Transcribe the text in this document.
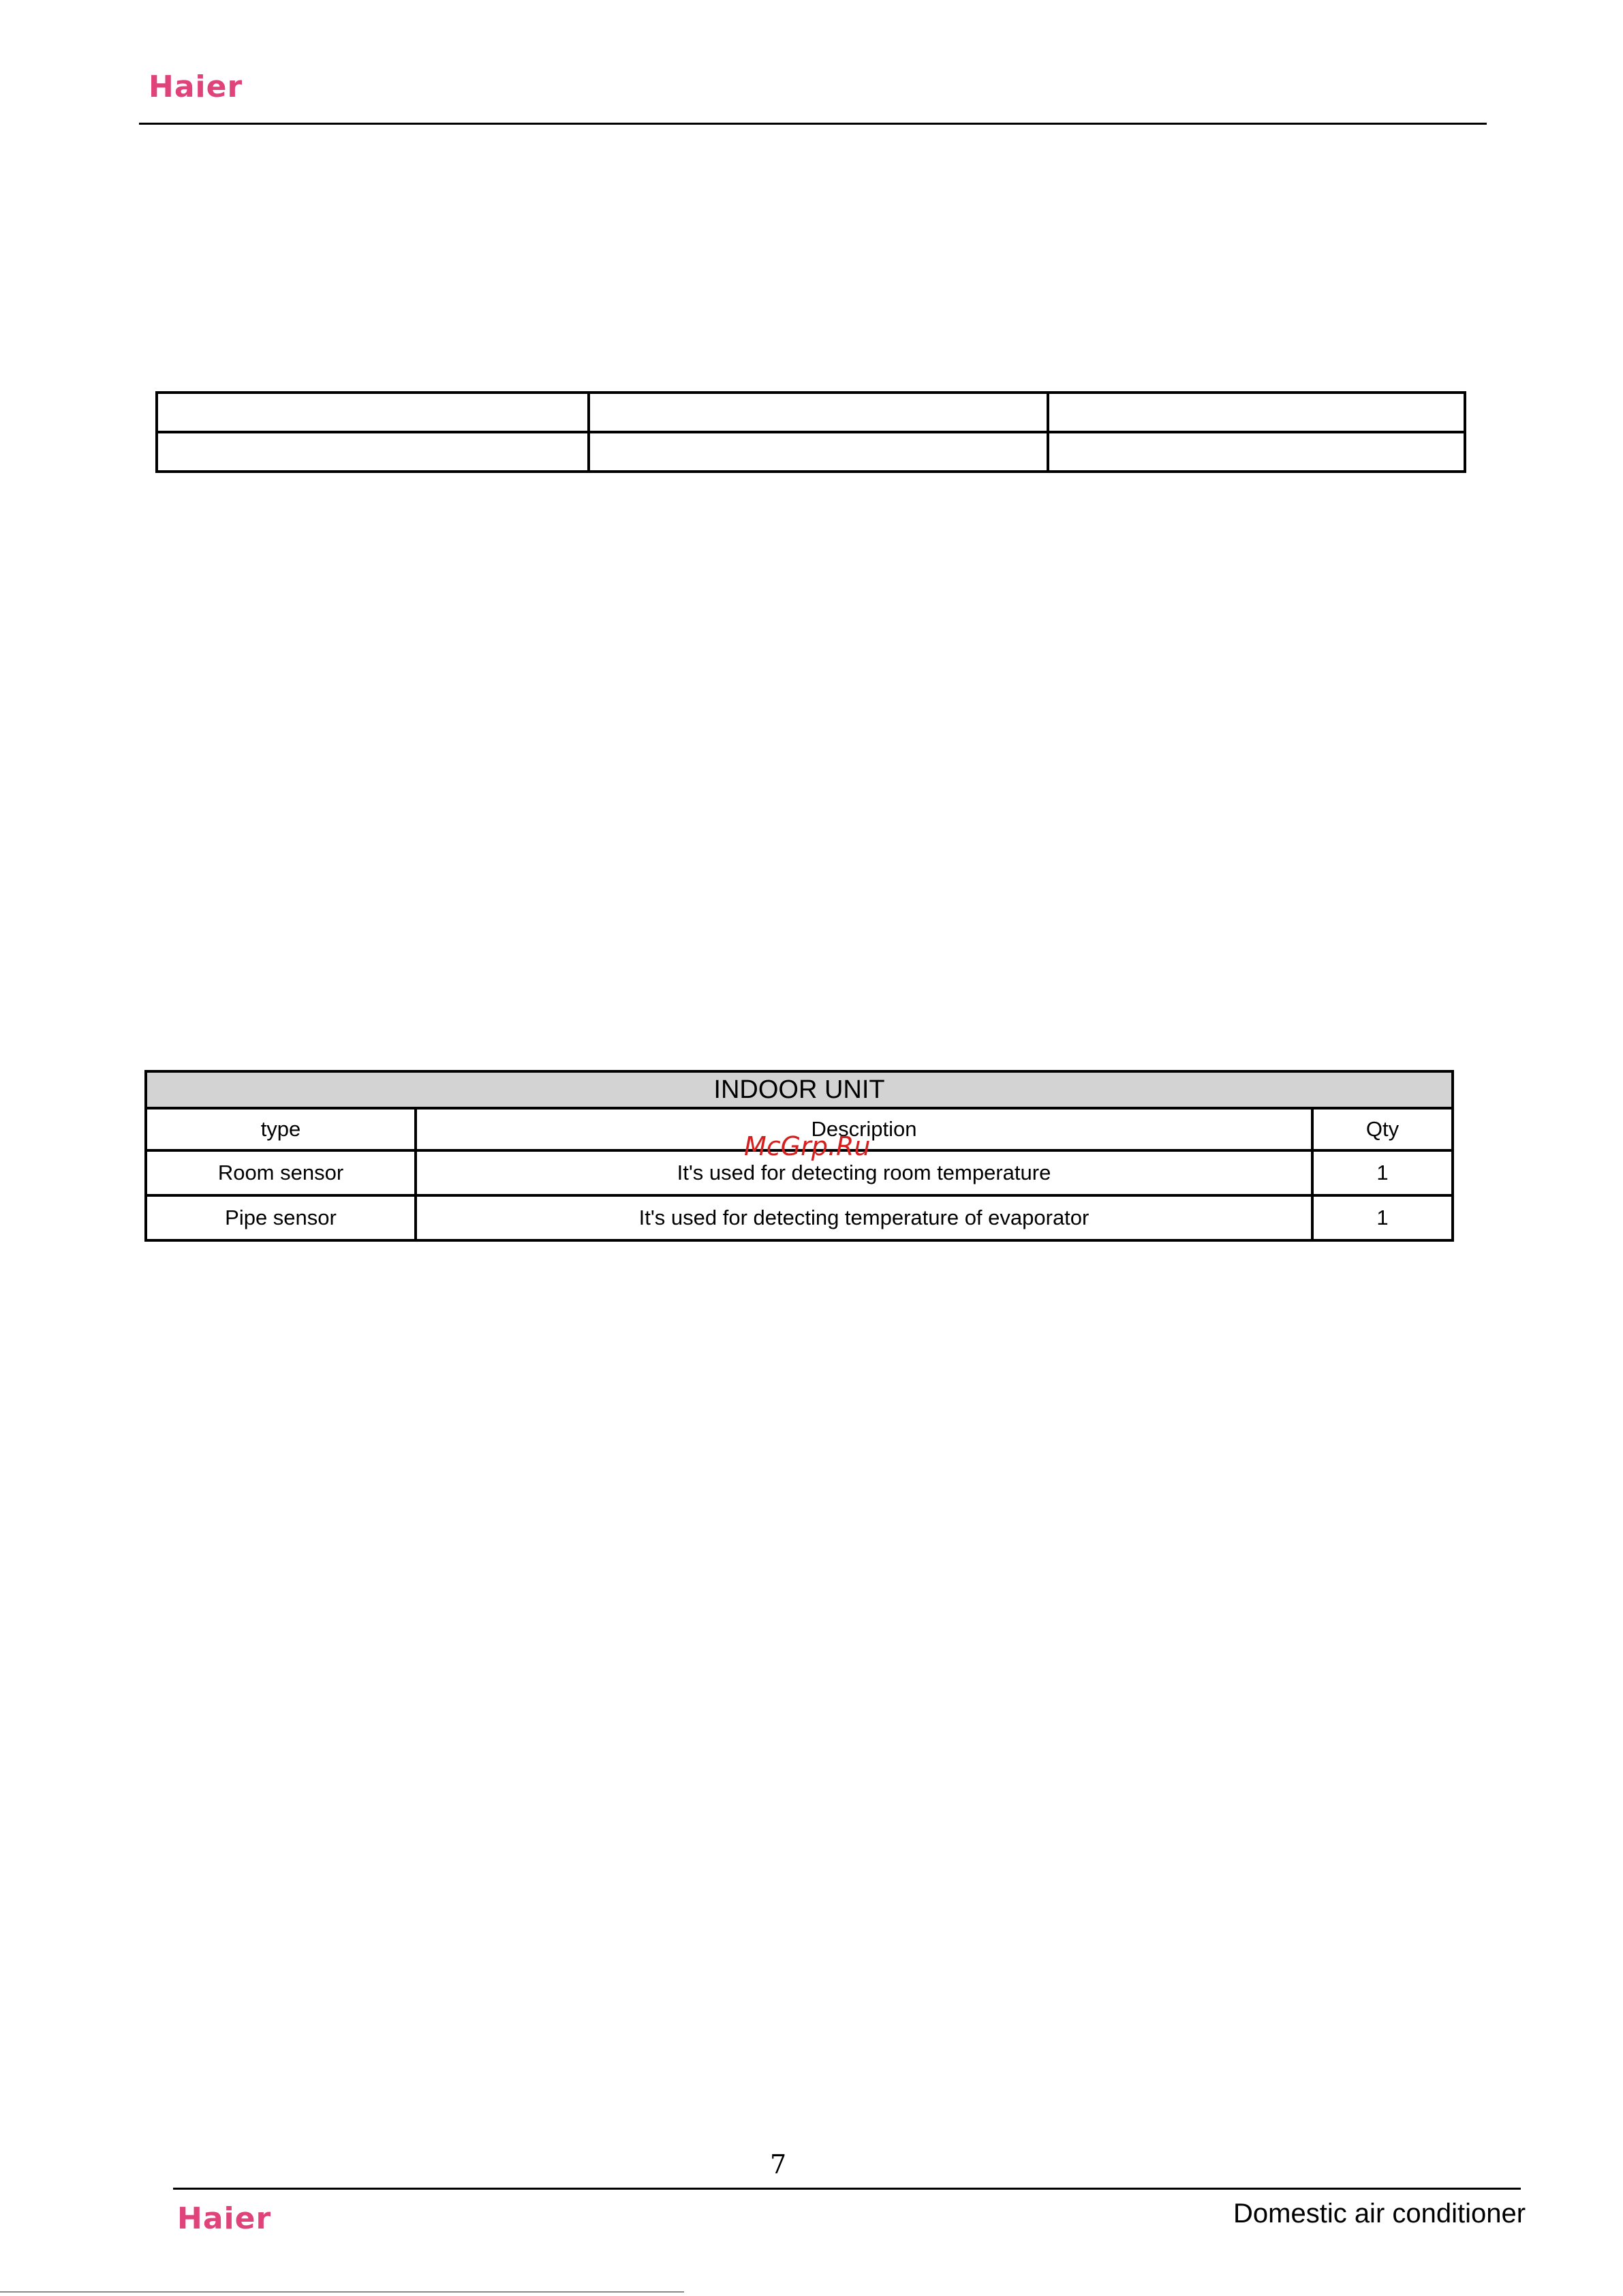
Haier

INDOOR UNIT		
type	Description	Qty
Room sensor	It's used for detecting room temperature	1
Pipe sensor	It's used for detecting temperature of evaporator	1
McGrp.Ru
7
Haier	Domestic air conditioner
